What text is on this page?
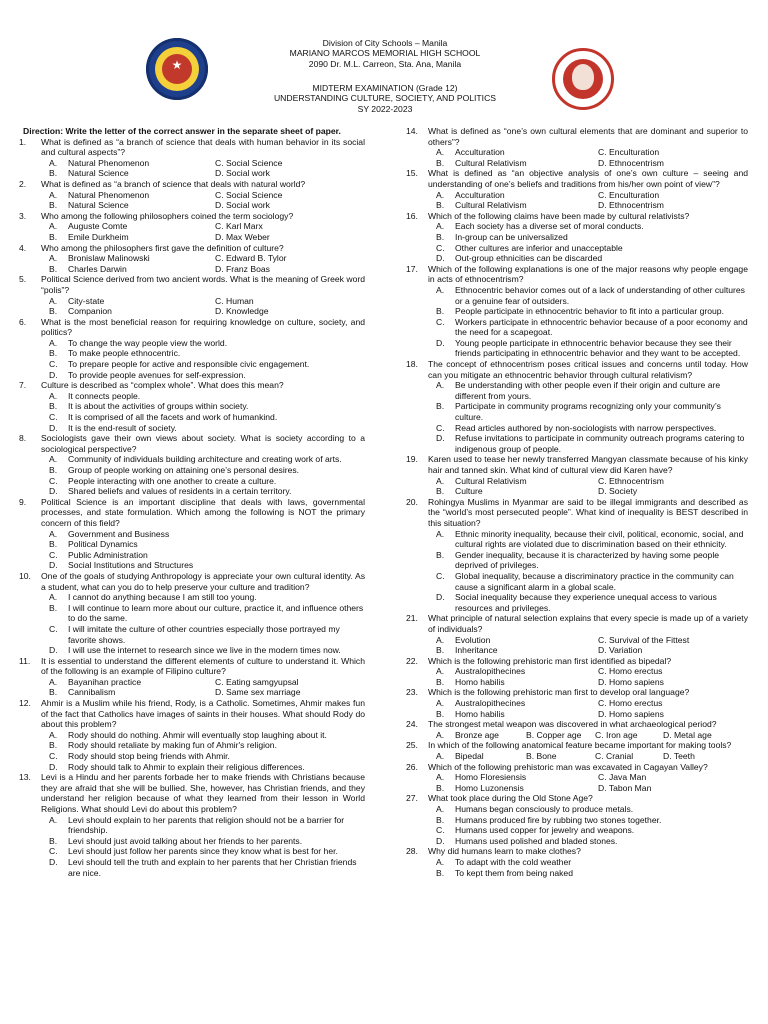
★
Division of City Schools – Manila
MARIANO MARCOS MEMORIAL HIGH SCHOOL
2090 Dr. M.L. Carreon, Sta. Ana, Manila
MIDTERM EXAMINATION (Grade 12)
UNDERSTANDING CULTURE, SOCIETY, AND POLITICS
SY 2022-2023
Direction: Write the letter of the correct answer in the separate sheet of paper.
1. What is defined as “a branch of science that deals with human behavior in its social and cultural aspects”?
A. Natural Phenomenon	C. Social Science
B. Natural Science	D. Social work
2. What is defined as “a branch of science that deals with natural world?
A. Natural Phenomenon	C. Social Science
B. Natural Science	D. Social work
3. Who among the following philosophers coined the term sociology?
A. Auguste Comte	C. Karl Marx
B. Emile Durkheim	D. Max Weber
4. Who among the philosophers first gave the definition of culture?
A. Bronislaw Malinowski	C. Edward B. Tylor
B. Charles Darwin	D. Franz Boas
5. Political Science derived from two ancient words. What is the meaning of Greek word “polis”?
A. City-state	C. Human
B. Companion	D. Knowledge
6. What is the most beneficial reason for requiring knowledge on culture, society, and politics?
A. To change the way people view the world.
B. To make people ethnocentric.
C. To prepare people for active and responsible civic engagement.
D. To provide people avenues for self-expression.
7. Culture is described as “complex whole”. What does this mean?
A. It connects people.
B. It is about the activities of groups within society.
C. It is comprised of all the facets and work of humankind.
D. It is the end-result of society.
8. Sociologists gave their own views about society. What is society according to a sociological perspective?
A. Community of individuals building architecture and creating work of arts.
B. Group of people working on attaining one’s personal desires.
C. People interacting with one another to create a culture.
D. Shared beliefs and values of residents in a certain territory.
9. Political Science is an important discipline that deals with laws, governmental processes, and state formulation. Which among the following is NOT the primary concern of this field?
A. Government and Business
B. Political Dynamics
C. Public Administration
D. Social Institutions and Structures
10. One of the goals of studying Anthropology is appreciate your own cultural identity. As a student, what can you do to help preserve your culture and tradition?
A. I cannot do anything because I am still too young.
B. I will continue to learn more about our culture, practice it, and influence others to do the same.
C. I will imitate the culture of other countries especially those portrayed my favorite shows.
D. I will use the internet to research since we live in the modern times now.
11. It is essential to understand the different elements of culture to understand it. Which of the following is an example of Filipino culture?
A. Bayanihan practice	C. Eating samgyupsal
B. Cannibalism	D. Same sex marriage
12. Ahmir is a Muslim while his friend, Rody, is a Catholic. Sometimes, Ahmir makes fun of the fact that Catholics have images of saints in their houses. What should Rody do about this problem?
A. Rody should do nothing. Ahmir will eventually stop laughing about it.
B. Rody should retaliate by making fun of Ahmir's religion.
C. Rody should stop being friends with Ahmir.
D. Rody should talk to Ahmir to explain their religious differences.
13. Levi is a Hindu and her parents forbade her to make friends with Christians because they are afraid that she will be bullied. She, however, has Christian friends, and they understand her religion because of what they learned from their lesson in World Religions. What should Levi do about this problem?
A. Levi should explain to her parents that religion should not be a barrier for friendship.
B. Levi should just avoid talking about her friends to her parents.
C. Levi should just follow her parents since they know what is best for her.
D. Levi should tell the truth and explain to her parents that her Christian friends are nice.
14. What is defined as “one’s own cultural elements that are dominant and superior to others”?
A. Acculturation	C. Enculturation
B. Cultural Relativism	D. Ethnocentrism
15. What is defined as “an objective analysis of one’s own culture – seeing and understanding of one’s beliefs and traditions from his/her own point of view”?
A. Acculturation	C. Enculturation
B. Cultural Relativism	D. Ethnocentrism
16. Which of the following claims have been made by cultural relativists?
A. Each society has a diverse set of moral conducts.
B. In-group can be universalized
C. Other cultures are inferior and unacceptable
D. Out-group ethnicities can be discarded
17. Which of the following explanations is one of the major reasons why people engage in acts of ethnocentrism?
A. Ethnocentric behavior comes out of a lack of understanding of other cultures or a genuine fear of outsiders.
B. People participate in ethnocentric behavior to fit into a particular group.
C. Workers participate in ethnocentric behavior because of a poor economy and the need for a scapegoat.
D. Young people participate in ethnocentric behavior because they see their friends participating in ethnocentric behavior and they want to be accepted.
18. The concept of ethnocentrism poses critical issues and concerns until today. How can you mitigate an ethnocentric behavior through cultural relativism?
A. Be understanding with other people even if their origin and culture are different from yours.
B. Participate in community programs recognizing only your community’s culture.
C. Read articles authored by non-sociologists with narrow perspectives.
D. Refuse invitations to participate in community outreach programs catering to indigenous group of people.
19. Karen used to tease her newly transferred Mangyan classmate because of his kinky hair and tanned skin. What kind of cultural view did Karen have?
A. Cultural Relativism	C. Ethnocentrism
B. Culture	D. Society
20. Rohingya Muslims in Myanmar are said to be illegal immigrants and described as the “world’s most persecuted people”. What kind of inequality is BEST described in this situation?
A. Ethnic minority inequality, because their civil, political, economic, social, and cultural rights are violated due to discrimination based on their ethnicity.
B. Gender inequality, because it is characterized by having some people deprived of privileges.
C. Global inequality, because a discriminatory practice in the community can cause a significant alarm in a global scale.
D. Social inequality because they experience unequal access to various resources and privileges.
21. What principle of natural selection explains that every specie is made up of a variety of individuals?
A. Evolution	C. Survival of the Fittest
B. Inheritance	D. Variation
22. Which is the following prehistoric man first identified as bipedal?
A. Australopithecines	C. Homo erectus
B. Homo habilis	D. Homo sapiens
23. Which is the following prehistoric man first to develop oral language?
A. Australopithecines	C. Homo erectus
B. Homo habilis	D. Homo sapiens
24. The strongest metal weapon was discovered in what archaeological period?
A. Bronze age	B. Copper age C. Iron age	D. Metal age
25. In which of the following anatomical feature became important for making tools?
A. Bipedal	B. Bone	C. Cranial	D. Teeth
26. Which of the following prehistoric man was excavated in Cagayan Valley?
A. Homo Floresiensis	C. Java Man
B. Homo Luzonensis	D. Tabon Man
27. What took place during the Old Stone Age?
A. Humans began consciously to produce metals.
B. Humans produced fire by rubbing two stones together.
C. Humans used copper for jewelry and weapons.
D. Humans used polished and bladed stones.
28. Why did humans learn to make clothes?
A. To adapt with the cold weather
B. To kept them from being naked
